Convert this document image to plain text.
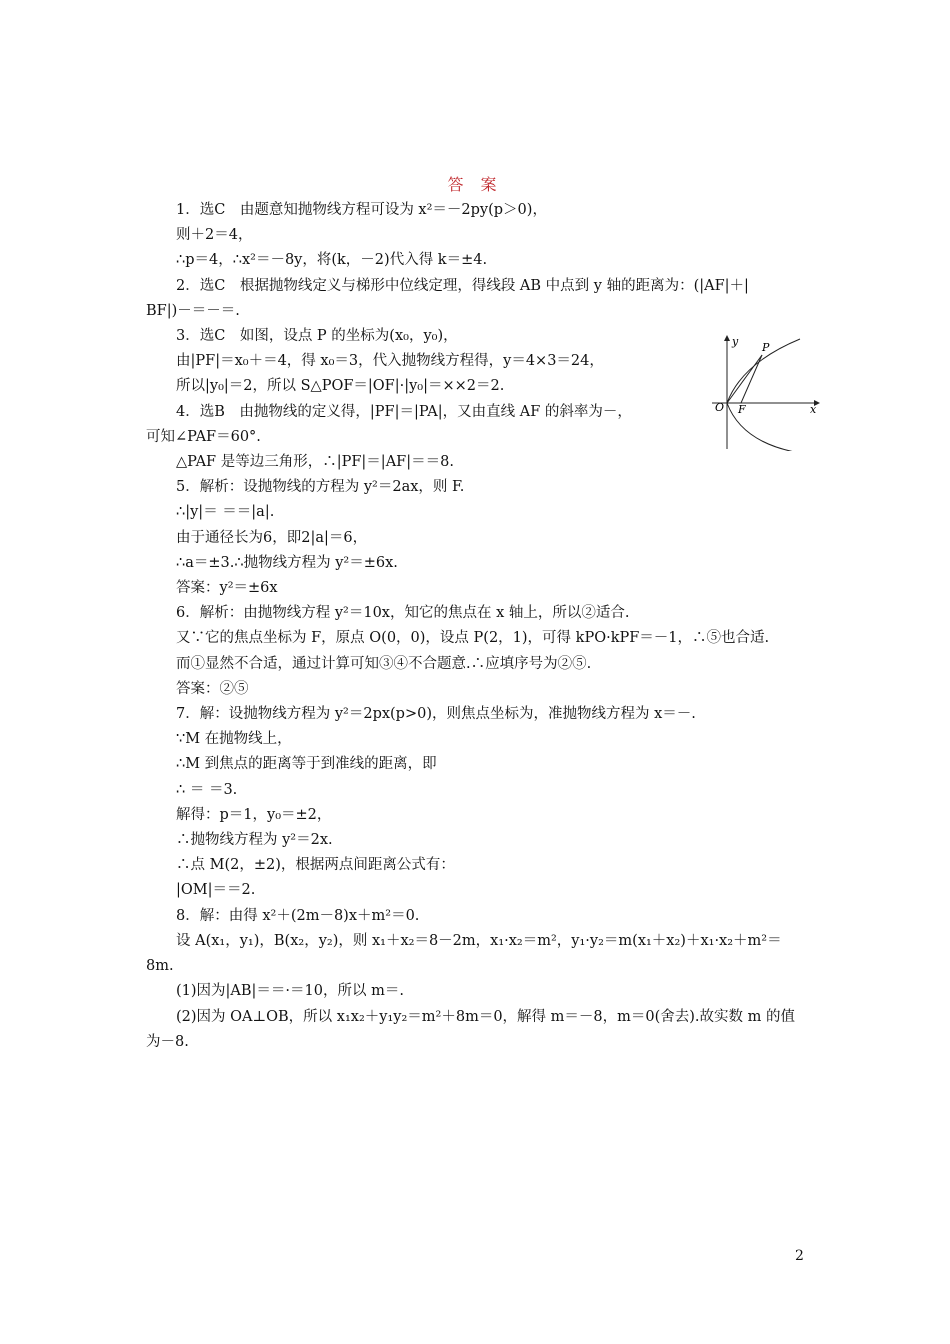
答 案
1．选C　由题意知抛物线方程可设为 x²＝－2py(p＞0)，
则＋2＝4，
∴p＝4，∴x²＝－8y，将(k，－2)代入得 k＝±4.
2．选C　根据抛物线定义与梯形中位线定理，得线段 AB 中点到 y 轴的距离为：(|AF|＋|
BF|)－＝－＝.
3．选C　如图，设点 P 的坐标为(x₀，y₀)，
由|PF|＝x₀＋＝4，得 x₀＝3，代入抛物线方程得，y＝4×3＝24，
所以|y₀|＝2，所以 S△POF＝|OF|·|y₀|＝××2＝2.
4．选B　由抛物线的定义得，|PF|＝|PA|，又由直线 AF 的斜率为－，
可知∠PAF＝60°.
△PAF 是等边三角形，∴|PF|＝|AF|＝＝8.
5．解析：设抛物线的方程为 y²＝2ax，则 F.
∴|y|＝ ＝＝|a|.
由于通径长为6，即2|a|＝6，
∴a＝±3.∴抛物线方程为 y²＝±6x.
答案：y²＝±6x
6．解析：由抛物线方程 y²＝10x，知它的焦点在 x 轴上，所以②适合.
又∵它的焦点坐标为 F，原点 O(0，0)，设点 P(2，1)，可得 kPO·kPF＝－1，∴⑤也合适.
而①显然不合适，通过计算可知③④不合题意.∴应填序号为②⑤.
答案：②⑤
7．解：设抛物线方程为 y²＝2px(p>0)，则焦点坐标为，准抛物线方程为 x＝－.
∵M 在抛物线上，
∴M 到焦点的距离等于到准线的距离，即
∴ ＝ ＝3.
解得：p＝1，y₀＝±2，
∴抛物线方程为 y²＝2x.
∴点 M(2，±2)，根据两点间距离公式有：
|OM|＝＝2.
8．解：由得 x²＋(2m－8)x＋m²＝0.
设 A(x₁，y₁)，B(x₂，y₂)，则 x₁＋x₂＝8－2m，x₁·x₂＝m²，y₁·y₂＝m(x₁＋x₂)＋x₁·x₂＋m²＝
8m.
(1)因为|AB|＝＝·＝10，所以 m＝.
(2)因为 OA⊥OB，所以 x₁x₂＋y₁y₂＝m²＋8m＝0，解得 m＝－8，m＝0(舍去).故实数 m 的值
为－8.
y
x
O F
P
2
